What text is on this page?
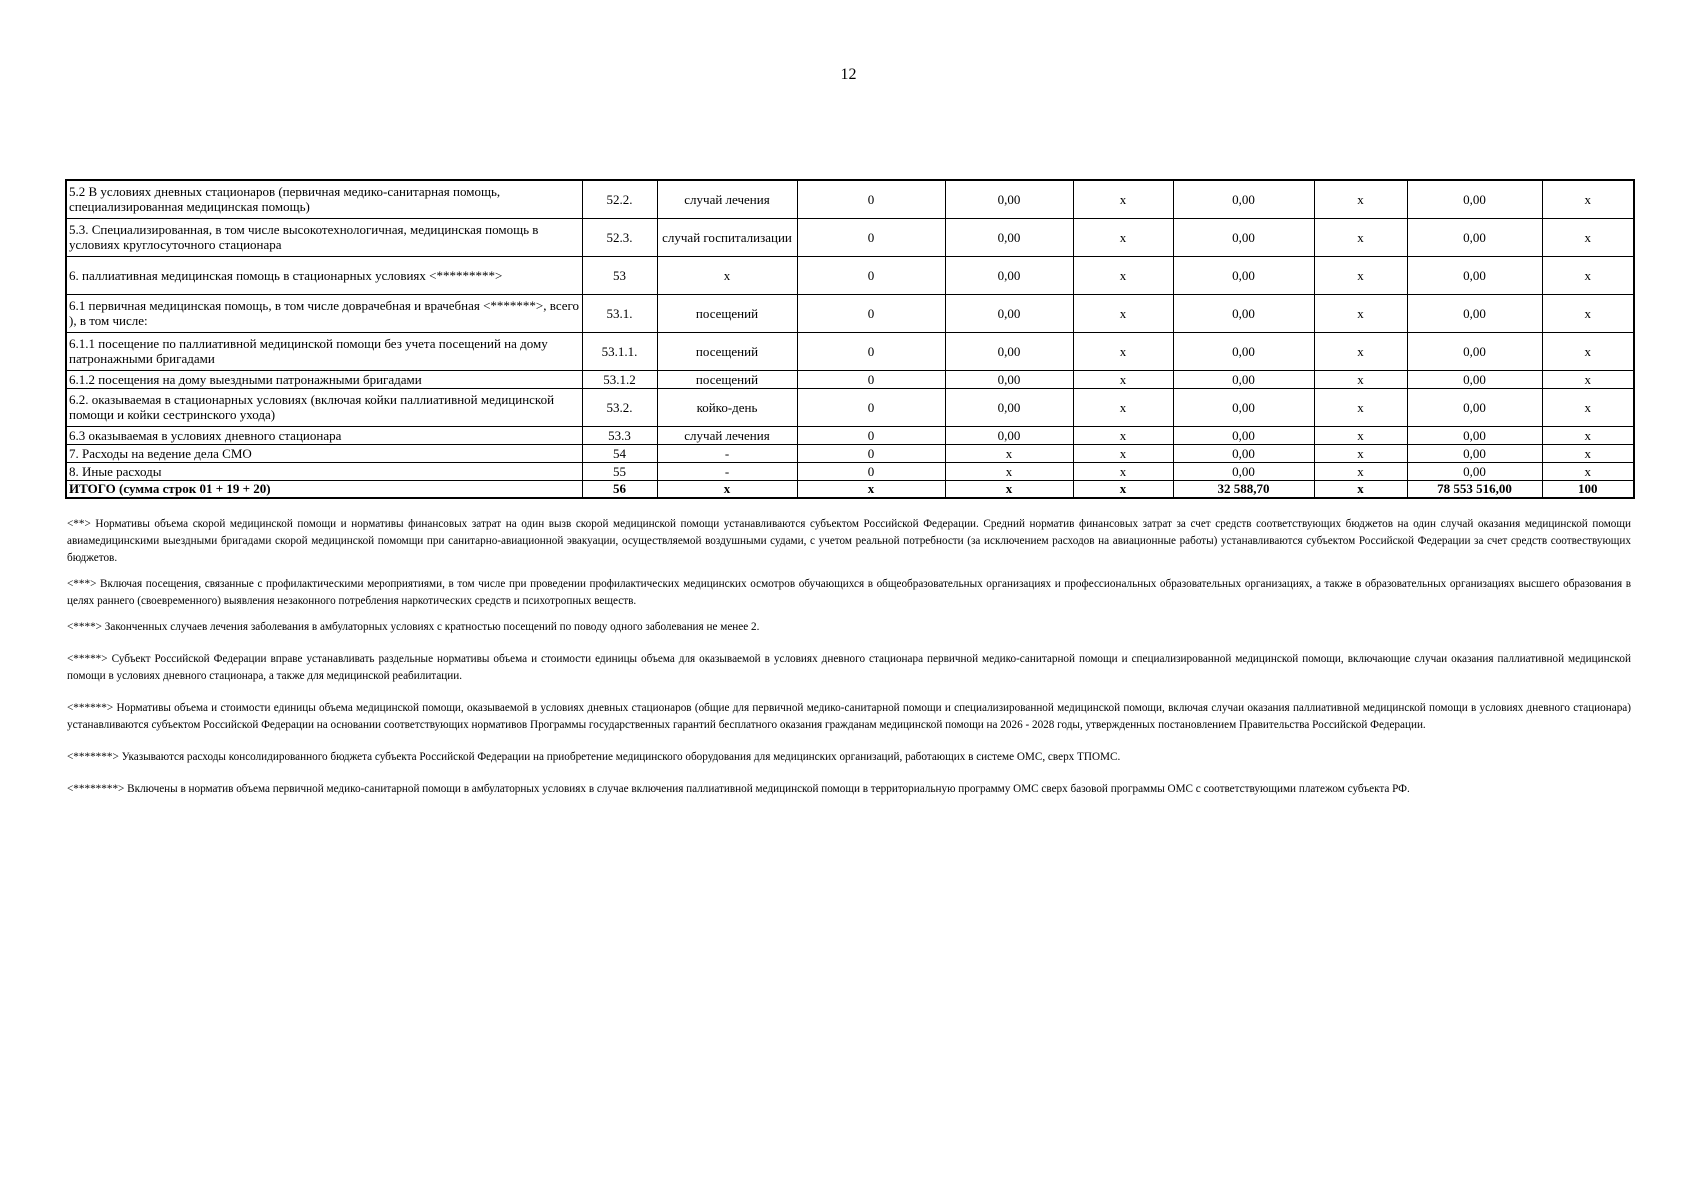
12
5.2 В условиях дневных стационаров (первичная медико-санитарная помощь, специализированная медицинская помощь)	52.2.	случай лечения	0	0,00	х	0,00	х	0,00	х
5.3. Специализированная, в том числе высокотехнологичная, медицинская помощь в условиях круглосуточного стационара	52.3.	случай госпитализации	0	0,00	х	0,00	х	0,00	х
6. паллиативная медицинская помощь в стационарных условиях <*********>	53	х	0	0,00	х	0,00	х	0,00	х
6.1 первичная медицинская помощь, в том числе доврачебная и врачебная <*******>, всего ), в том числе:	53.1.	посещений	0	0,00	х	0,00	х	0,00	х
6.1.1 посещение по паллиативной медицинской помощи без учета посещений на дому патронажными бригадами	53.1.1.	посещений	0	0,00	х	0,00	х	0,00	х
6.1.2 посещения на дому выездными патронажными бригадами	53.1.2	посещений	0	0,00	х	0,00	х	0,00	х
6.2. оказываемая в стационарных условиях (включая койки паллиативной медицинской помощи и койки сестринского ухода)	53.2.	койко-день	0	0,00	х	0,00	х	0,00	х
6.3 оказываемая в условиях дневного стационара	53.3	случай лечения	0	0,00	х	0,00	х	0,00	х
7. Расходы на ведение дела СМО	54	-	0	х	х	0,00	х	0,00	х
8. Иные расходы	55	-	0	х	х	0,00	х	0,00	х
ИТОГО (сумма строк 01 + 19 + 20)	56	х	х	х	х	32 588,70	х	78 553 516,00	100

<**> Нормативы объема скорой медицинской помощи и нормативы финансовых затрат на один вызв скорой медицинской помощи устанавливаются субъектом Российской Федерации. Средний норматив финансовых затрат за счет средств соответствующих бюджетов на один случай оказания медицинской помощи авиамедицинскими выездными бригадами скорой медицинской помомщи при санитарно-авиационной эвакуации, осуществляемой воздушными судами, с учетом реальной потребности (за исключением расходов на авиационные работы) устанавливаются субъектом Российской Федерации за счет средств соотвествующих бюджетов.

<***> Включая посещения, связанные с профилактическими мероприятиями, в том числе при проведении профилактических медицинских осмотров обучающихся в общеобразовательных организациях и профессиональных образовательных организациях, а также в образовательных организациях высшего образования в целях раннего (своевременного) выявления незаконного потребления наркотических средств и психотропных веществ.

<****> Законченных случаев лечения заболевания в амбулаторных условиях с кратностью посещений по поводу одного заболевания не менее 2.

<*****> Субъект Российской Федерации вправе устанавливать раздельные нормативы объема и стоимости единицы объема для оказываемой в условиях дневного стационара первичной медико-санитарной помощи и специализированной медицинской помощи, включающие случаи оказания паллиативной медицинской помощи в условиях дневного стационара, а также для медицинской реабилитации.

<******> Нормативы объема и стоимости единицы объема медицинской помощи, оказываемой в условиях дневных стационаров (общие для первичной медико-санитарной помощи и специализированной медицинской помощи, включая случаи оказания паллиативной медицинской помощи в условиях дневного стационара) устанавливаются субъектом Российской Федерации на основании соответствующих нормативов Программы государственных гарантий бесплатного оказания гражданам медицинской помощи на 2026 - 2028 годы, утвержденных постановлением Правительства Российской Федерации.

<*******> Указываются расходы консолидированного бюджета субъекта Российской Федерации на приобретение медицинского оборудования для медицинских организаций, работающих в системе ОМС, сверх ТПОМС.

<********> Включены в норматив объема первичной медико-санитарной помощи в амбулаторных условиях в случае включения паллиативной медицинской помощи в территориальную программу ОМС сверх базовой программы ОМС с соответствующими платежом субъекта РФ.
